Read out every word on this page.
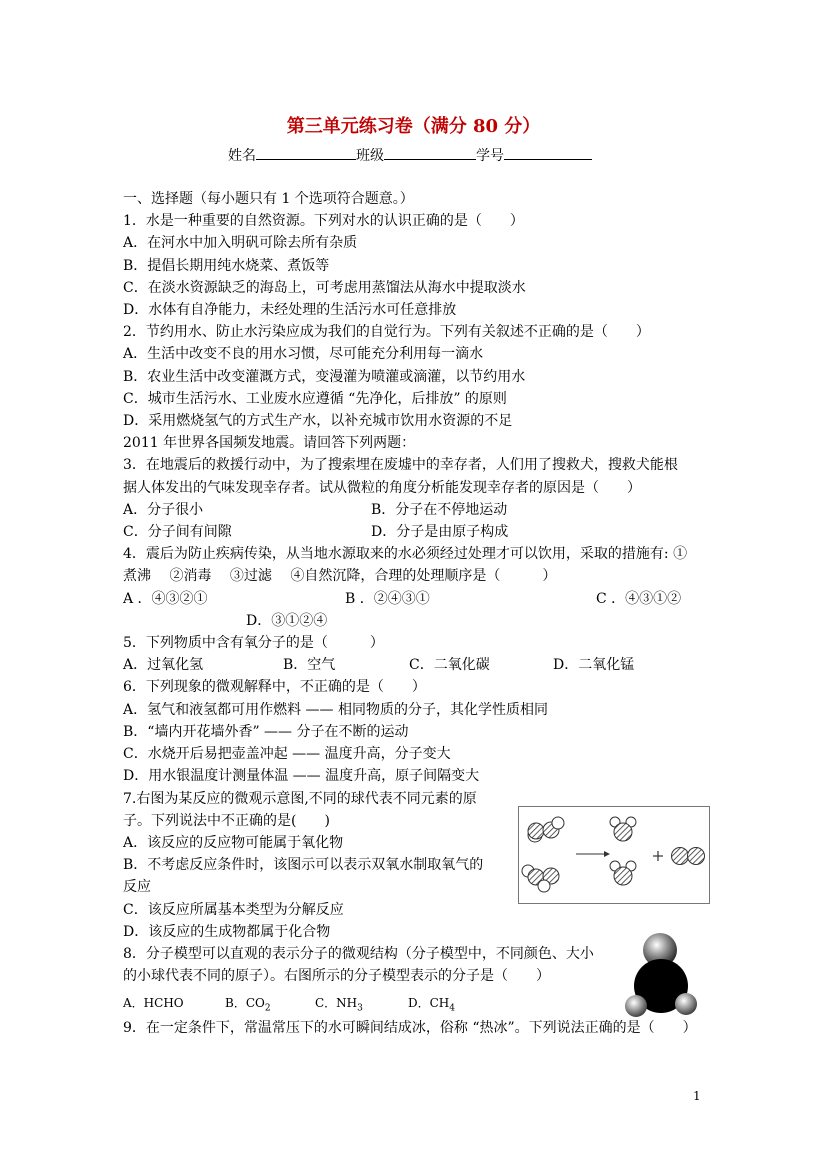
第三单元练习卷（满分 80 分）
姓名	班级	学号
一、选择题（每小题只有 1 个选项符合题意。）
1．水是一种重要的自然资源。下列对水的认识正确的是（　　）
A．在河水中加入明矾可除去所有杂质
B．提倡长期用纯水烧菜、煮饭等
C．在淡水资源缺乏的海岛上，可考虑用蒸馏法从海水中提取淡水
D．水体有自净能力，未经处理的生活污水可任意排放
2．节约用水、防止水污染应成为我们的自觉行为。下列有关叙述不正确的是（　　）
A．生活中改变不良的用水习惯，尽可能充分利用每一滴水
B．农业生活中改变灌溉方式，变漫灌为喷灌或滴灌，以节约用水
C．城市生活污水、工业废水应遵循 “先净化，后排放” 的原则
D．采用燃烧氢气的方式生产水，以补充城市饮用水资源的不足
2011 年世界各国频发地震。请回答下列两题：
3．在地震后的救援行动中，为了搜索埋在废墟中的幸存者，人们用了搜救犬，搜救犬能根
据人体发出的气味发现幸存者。试从微粒的角度分析能发现幸存者的原因是（　　）
A．分子很小	B．分子在不停地运动
C．分子间有间隙	D．分子是由原子构成
4．震后为防止疾病传染，从当地水源取来的水必须经过处理才可以饮用，采取的措施有: ①
煮沸　 ②消毒　 ③过滤　 ④自然沉降，合理的处理顺序是（　　　）
A ．④③②①	B ．②④③①	C ．④③①②
D．③①②④
5．下列物质中含有氧分子的是（　　　）
A．过氧化氢	B．空气	C．二氧化碳	D．二氧化锰
6．下列现象的微观解释中，不正确的是（　　）
A．氢气和液氢都可用作燃料 —— 相同物质的分子，其化学性质相同
B．“墙内开花墙外香” —— 分子在不断的运动
C．水烧开后易把壶盖冲起 —— 温度升高，分子变大
D．用水银温度计测量体温 —— 温度升高，原子间隔变大
7.右图为某反应的微观示意图,不同的球代表不同元素的原
子。下列说法中不正确的是(　　)
A．该反应的反应物可能属于氧化物
B．不考虑反应条件时，该图示可以表示双氧水制取氧气的
反应
C．该反应所属基本类型为分解反应
D．该反应的生成物都属于化合物
8．分子模型可以直观的表示分子的微观结构（分子模型中，不同颜色、大小
的小球代表不同的原子）。右图所示的分子模型表示的分子是（　　）
A．HCHO	B．$CO_2$	C．$NH_3$	D．$CH_4$
9．在一定条件下，常温常压下的水可瞬间结成冰，俗称 “热冰”。下列说法正确的是（　　）
1
